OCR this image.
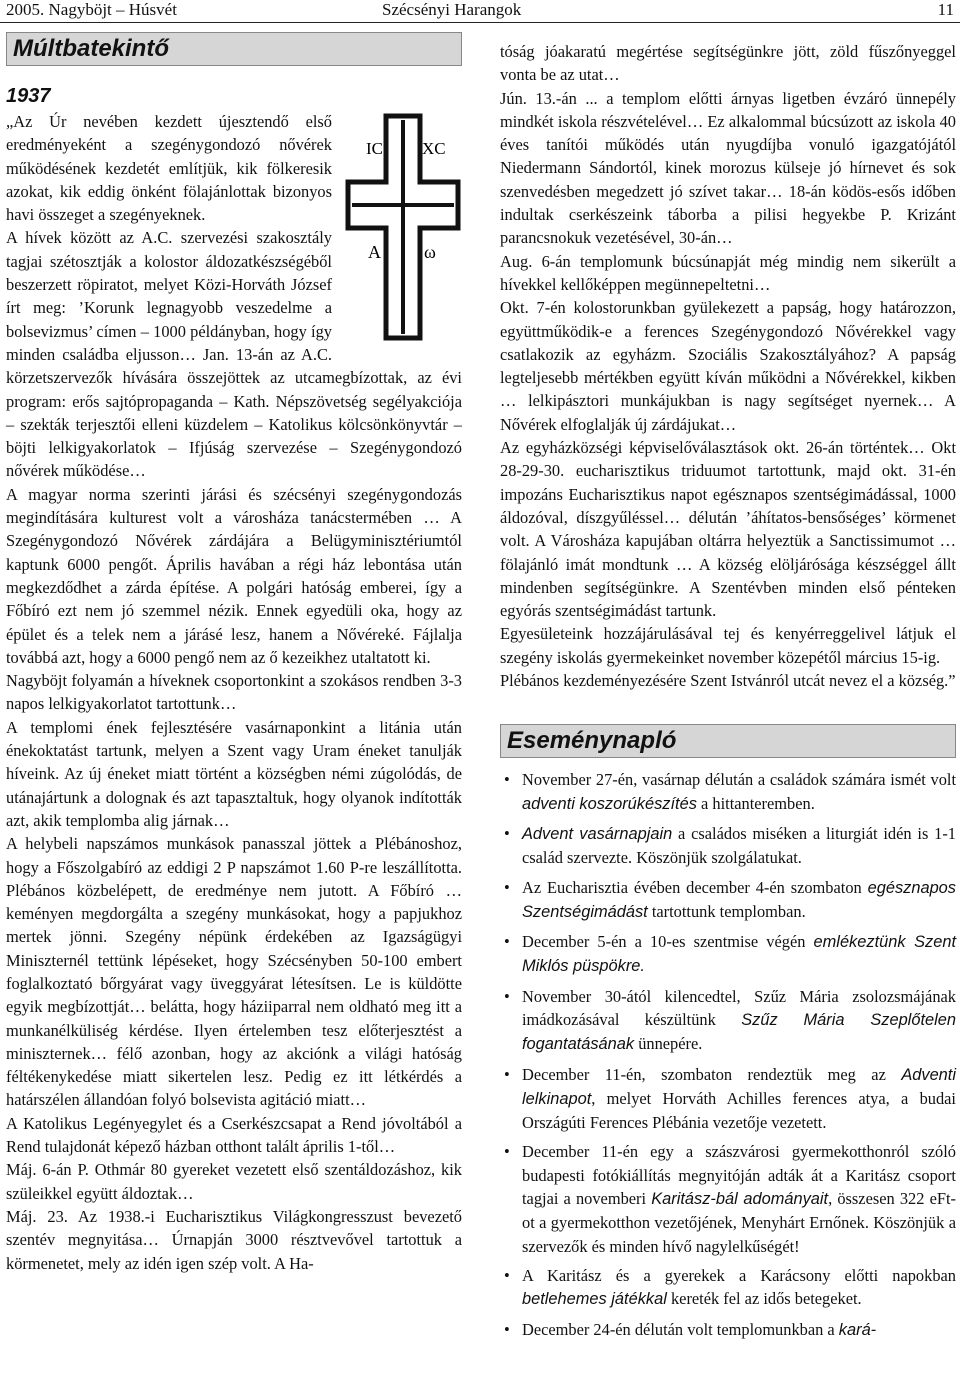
2005. Nagyböjt – Húsvét	Szécsényi Harangok	11
Múltbatekintő
1937
IC XC
A ω

„Az Úr nevében kezdett újesztendő első eredményeként a szegénygondozó nővérek működésének kezdetét említjük, kik fölkeresik azokat, kik eddig önként fölajánlottak bizonyos havi összeget a szegényeknek.

A hívek között az A.C. szervezési szakosztály tagjai szétosztják a kolostor áldozatkészségéből beszerzett röpiratot, melyet Közi-Horváth József írt meg: ’Korunk legnagyobb veszedelme a bolsevizmus’ címen – 1000 példányban, hogy így minden családba eljusson… Jan. 13-án az A.C. körzetszervezők hívására összejöttek az utcamegbízottak, az évi program: erős sajtópropaganda – Kath. Népszövetség segélyakciója – szekták terjesztői elleni küzdelem – Katolikus kölcsönkönyvtár – böjti lelkigyakorlatok – Ifjúság szervezése – Szegénygondozó nővérek működése…

A magyar norma szerinti járási és szécsényi szegénygondozás megindítására kulturest volt a városháza tanácstermében … A Szegénygondozó Nővérek zárdájára a Belügyminisztériumtól kaptunk 6000 pengőt. Április havában a régi ház lebontása után megkezdődhet a zárda építése. A polgári hatóság emberei, így a Főbíró ezt nem jó szemmel nézik. Ennek egyedüli oka, hogy az épület és a telek nem a járásé lesz, hanem a Nővéreké. Fájlalja továbbá azt, hogy a 6000 pengő nem az ő kezeikhez utaltatott ki.

Nagyböjt folyamán a híveknek csoportonkint a szokásos rendben 3-3 napos lelkigyakorlatot tartottunk…

A templomi ének fejlesztésére vasárnaponkint a litánia után énekoktatást tartunk, melyen a Szent vagy Uram éneket tanulják híveink. Az új éneket miatt történt a községben némi zúgolódás, de utánajártunk a dolognak és azt tapasztaltuk, hogy olyanok indították azt, akik templomba alig járnak…

A helybeli napszámos munkások panasszal jöttek a Plébánoshoz, hogy a Főszolgabíró az eddigi 2 P napszámot 1.60 P-re leszállította. Plébános közbelépett, de eredménye nem jutott. A Főbíró … keményen megdorgálta a szegény munkásokat, hogy a papjukhoz mertek jönni. Szegény népünk érdekében az Igazságügyi Miniszternél tettünk lépéseket, hogy Szécsényben 50-100 embert foglalkoztató bőrgyárat vagy üveggyárat létesítsen. Le is küldötte egyik megbízottját… belátta, hogy háziiparral nem oldható meg itt a munkanélküliség kérdése. Ilyen értelemben tesz előterjesztést a miniszternek… félő azonban, hogy az akciónk a világi hatóság féltékenykedése miatt sikertelen lesz. Pedig ez itt létkérdés a határszélen állandóan folyó bolsevista agitáció miatt…

A Katolikus Legényegylet és a Cserkészcsapat a Rend jóvoltából a Rend tulajdonát képező házban otthont talált április 1-től…

Máj. 6-án P. Othmár 80 gyereket vezetett első szentáldozáshoz, kik szüleikkel együtt áldoztak…

Máj. 23. Az 1938.-i Eucharisztikus Világkongresszust bevezető szentév megnyitása… Úrnapján 3000 résztvevővel tartottuk a körmenetet, mely az idén igen szép volt. A Ha-

tóság jóakaratú megértése segítségünkre jött, zöld fűszőnyeggel vonta be az utat…

Jún. 13.-án ... a templom előtti árnyas ligetben évzáró ünnepély mindkét iskola részvételével… Ez alkalommal búcsúzott az iskola 40 éves tanítói működés után nyugdíjba vonuló igazgatójától Niedermann Sándortól, kinek morozus külseje jó hírnevet és sok szenvedésben megedzett jó szívet takar… 18-án ködös-esős időben indultak cserkészeink táborba a pilisi hegyekbe P. Krizánt parancsnokuk vezetésével, 30-án…

Aug. 6-án templomunk búcsúnapját még mindig nem sikerült a hívekkel kellőképpen megünnepeltetni…

Okt. 7-én kolostorunkban gyülekezett a papság, hogy határozzon, együttműködik-e a ferences Szegénygondozó Nővérekkel vagy csatlakozik az egyházm. Szociális Szakosztályához? A papság legteljesebb mértékben együtt kíván működni a Nővérekkel, kikben … lelkipásztori munkájukban is nagy segítséget nyernek… A Nővérek elfoglalják új zárdájukat…

Az egyházközségi képviselőválasztások okt. 26-án történtek… Okt 28-29-30. eucharisztikus triduumot tartottunk, majd okt. 31-én impozáns Eucharisztikus napot egésznapos szentségimádással, 1000 áldozóval, díszgyűléssel… délután ’áhítatos-bensőséges’ körmenet volt. A Városháza kapujában oltárra helyeztük a Sanctissimumot … fölajánló imát mondtunk … A község elöljárósága készséggel állt mindenben segítségünkre. A Szentévben minden első pénteken egyórás szentségimádást tartunk.

Egyesületeink hozzájárulásával tej és kenyérreggelivel látjuk el szegény iskolás gyermekeinket november közepétől március 15-ig.

Plébános kezdeményezésére Szent Istvánról utcát nevez el a község.”

Eseménynapló
• November 27-én, vasárnap délután a családok számára ismét volt adventi koszorúkészítés a hittanteremben.
• Advent vasárnapjain a családos miséken a liturgiát idén is 1-1 család szervezte. Köszönjük szolgálatukat.
• Az Eucharisztia évében december 4-én szombaton egésznapos Szentségimádást tartottunk templomban.
• December 5-én a 10-es szentmise végén emlékeztünk Szent Miklós püspökre.
• November 30-ától kilencedtel, Szűz Mária zsolozsmájának imádkozásával készültünk Szűz Mária Szeplőtelen fogantatásának ünnepére.
• December 11-én, szombaton rendeztük meg az Adventi lelkinapot, melyet Horváth Achilles ferences atya, a budai Országúti Ferences Plébánia vezetője vezetett.
• December 11-én egy a szászvárosi gyermekotthonról szóló budapesti fotókiállítás megnyitóján adták át a Karitász csoport tagjai a novemberi Karitász-bál adományait, összesen 322 eFt-ot a gyermekotthon vezetőjének, Menyhárt Ernőnek. Köszönjük a szervezők és minden hívő nagylelkűségét!
• A Karitász és a gyerekek a Karácsony előtti napokban betlehemes játékkal kereték fel az idős betegeket.
• December 24-én délután volt templomunkban a kará-
